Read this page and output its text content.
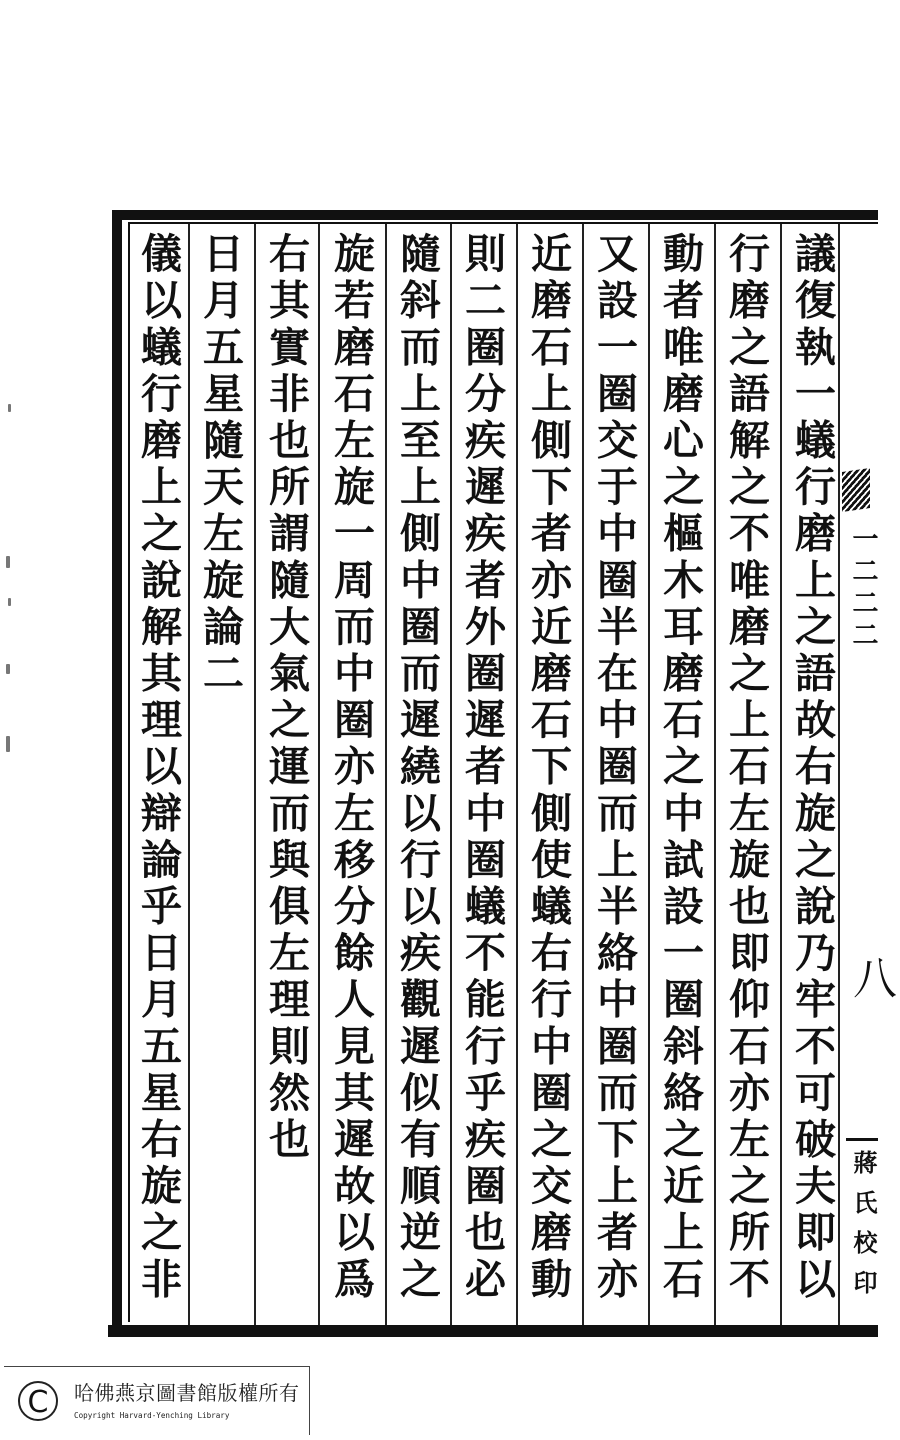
議復執一蟻行磨上之語故右旋之說乃牢不可破夫即以
行磨之語解之不唯磨之上石左旋也即仰石亦左之所不
動者唯磨心之樞木耳磨石之中試設一圈斜絡之近上石
又設一圈交于中圈半在中圈而上半絡中圈而下上者亦
近磨石上側下者亦近磨石下側使蟻右行中圈之交磨動
則二圈分疾遲疾者外圈遲者中圈蟻不能行乎疾圈也必
隨斜而上至上側中圈而遲繞以行以疾觀遲似有順逆之
旋若磨石左旋一周而中圈亦左移分餘人見其遲故以爲
右其實非也所謂隨大氣之運而與俱左理則然也
日月五星隨天左旋論二
儀以蟻行磨上之說解其理以辯論乎日月五星右旋之非	一二二二
八
蔣氏校印
C	哈佛燕京圖書館版權所有
Copyright Harvard-Yenching Library
